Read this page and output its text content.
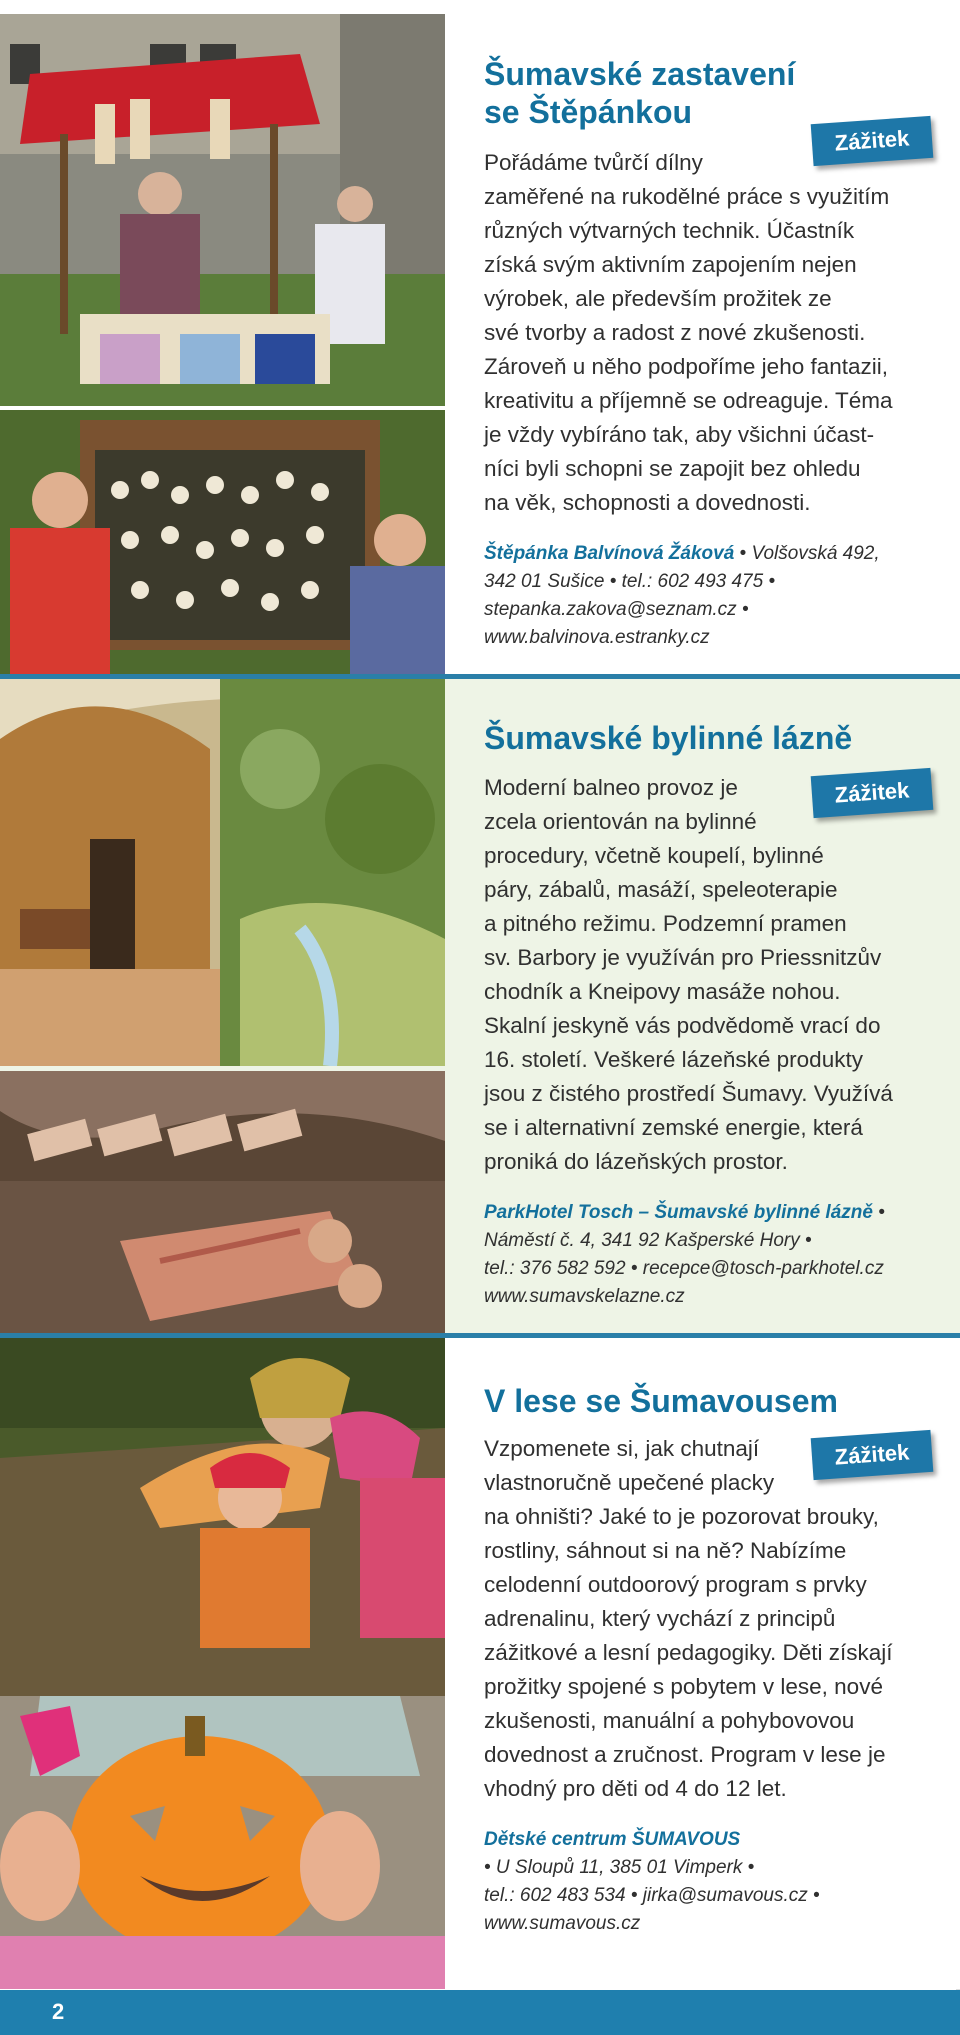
Šumavské zastavení
se Štěpánkou
Zážitek

Pořádáme tvůrčí dílny
zaměřené na rukodělné práce s využitím
různých výtvarných technik. Účastník
získá svým aktivním zapojením nejen
výrobek, ale především prožitek ze
své tvorby a radost z nové zkušenosti.
Zároveň u něho podpoříme jeho fantazii,
kreativitu a příjemně se odreaguje. Téma
je vždy vybíráno tak, aby všichni účast-
níci byli schopni se zapojit bez ohledu
na věk, schopnosti a dovednosti.

Štěpánka Balvínová Žáková • Volšovská 492,
342 01 Sušice • tel.: 602 493 475 •
stepanka.zakova@seznam.cz •
www.balvinova.estranky.cz

Šumavské bylinné lázně
Zážitek

Moderní balneo provoz je
zcela orientován na bylinné
procedury, včetně koupelí, bylinné
páry, zábalů, masáží, speleoterapie
a pitného režimu. Podzemní pramen
sv. Barbory je využíván pro Priessnitzův
chodník a Kneipovy masáže nohou.
Skalní jeskyně vás podvědomě vrací do
16. století. Veškeré lázeňské produkty
jsou z čistého prostředí Šumavy. Využívá
se i alternativní zemské energie, která
proniká do lázeňských prostor.

ParkHotel Tosch – Šumavské bylinné lázně •
Náměstí č. 4, 341 92 Kašperské Hory •
tel.: 376 582 592 • recepce@tosch-parkhotel.cz
www.sumavskelazne.cz

V lese se Šumavousem
Zážitek

Vzpomenete si, jak chutnají
vlastnoručně upečené placky
na ohništi? Jaké to je pozorovat brouky,
rostliny, sáhnout si na ně? Nabízíme
celodenní outdoorový program s prvky
adrenalinu, který vychází z principů
zážitkové a lesní pedagogiky. Děti získají
prožitky spojené s pobytem v lese, nové
zkušenosti, manuální a pohybovovou
dovednost a zručnost. Program v lese je
vhodný pro děti od 4 do 12 let.

Dětské centrum ŠUMAVOUS
• U Sloupů 11, 385 01 Vimperk •
tel.: 602 483 534 • jirka@sumavous.cz •
www.sumavous.cz

2
